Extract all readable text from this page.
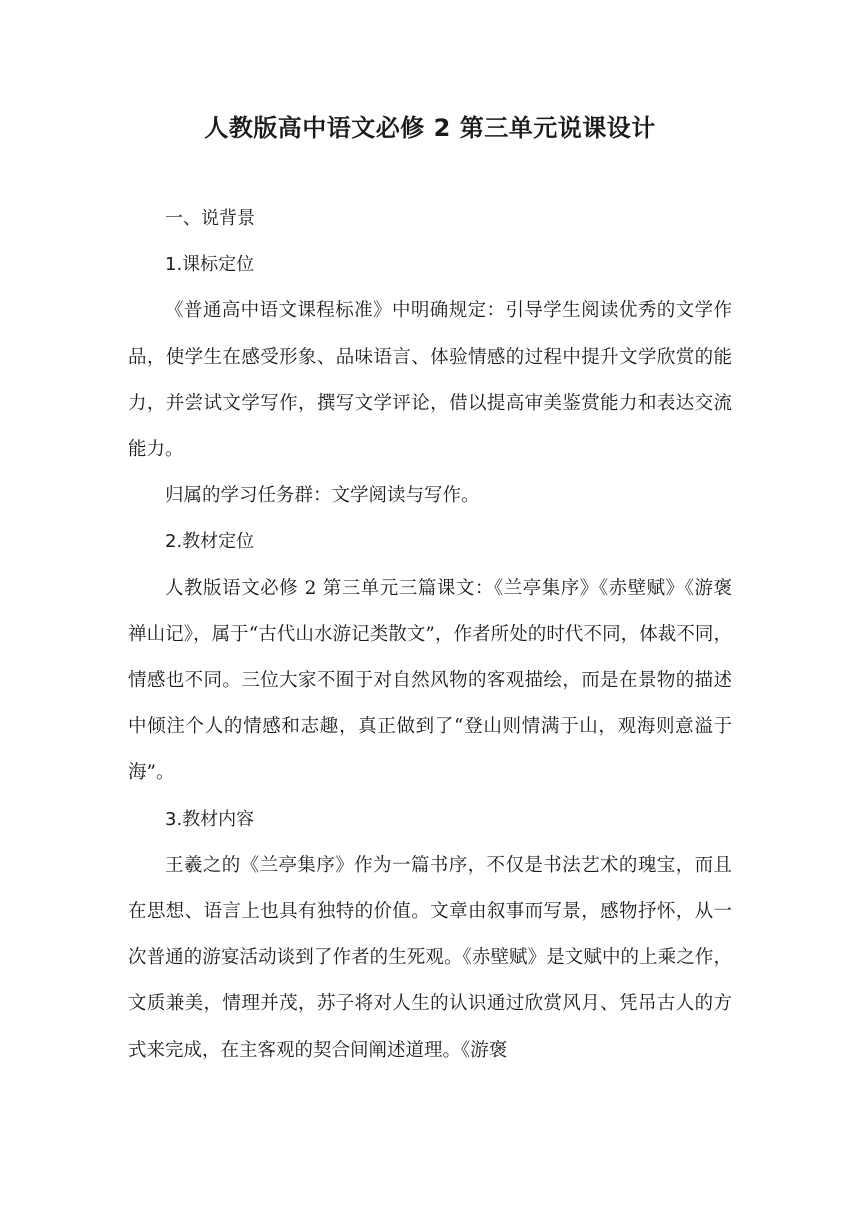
人教版高中语文必修 2 第三单元说课设计

一、说背景

1.课标定位

《普通高中语文课程标准》中明确规定：引导学生阅读优秀的文学作品，使学生在感受形象、品味语言、体验情感的过程中提升文学欣赏的能力，并尝试文学写作，撰写文学评论，借以提高审美鉴赏能力和表达交流能力。

归属的学习任务群：文学阅读与写作。

2.教材定位

人教版语文必修 2 第三单元三篇课文：《兰亭集序》《赤壁赋》《游褒禅山记》，属于“古代山水游记类散文”，作者所处的时代不同，体裁不同，情感也不同。三位大家不囿于对自然风物的客观描绘，而是在景物的描述中倾注个人的情感和志趣，真正做到了“登山则情满于山，观海则意溢于海”。

3.教材内容

王羲之的《兰亭集序》作为一篇书序，不仅是书法艺术的瑰宝，而且在思想、语言上也具有独特的价值。文章由叙事而写景，感物抒怀，从一次普通的游宴活动谈到了作者的生死观。《赤壁赋》是文赋中的上乘之作，文质兼美，情理并茂，苏子将对人生的认识通过欣赏风月、凭吊古人的方式来完成，在主客观的契合间阐述道理。《游褒
